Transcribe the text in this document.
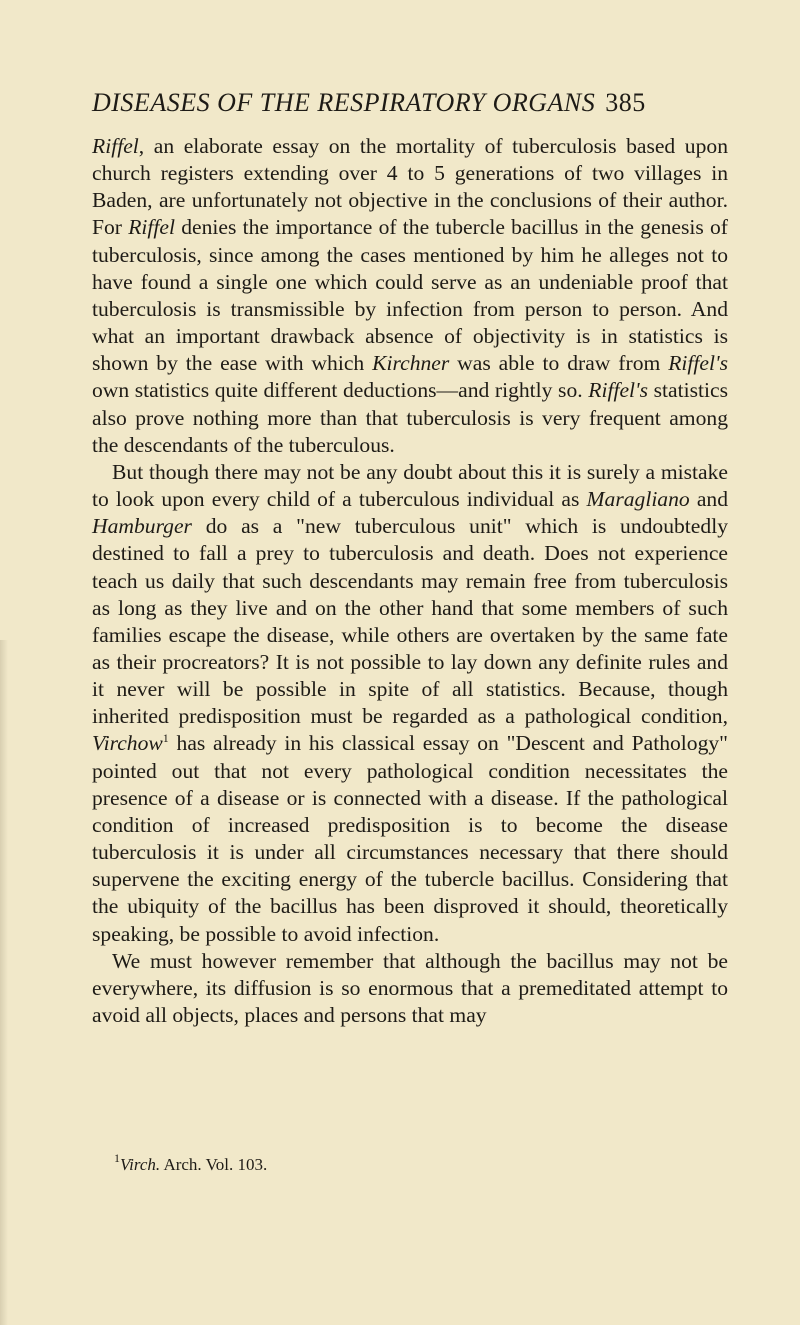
DISEASES OF THE RESPIRATORY ORGANS 385

Riffel, an elaborate essay on the mortality of tuberculosis based upon church registers extending over 4 to 5 generations of two villages in Baden, are unfortunately not objective in the conclusions of their author. For Riffel denies the importance of the tubercle bacillus in the genesis of tuberculosis, since among the cases mentioned by him he alleges not to have found a single one which could serve as an undeniable proof that tuberculosis is transmissible by infection from person to person. And what an important drawback absence of objectivity is in statistics is shown by the ease with which Kirchner was able to draw from Riffel's own statistics quite different deductions—and rightly so. Riffel's statistics also prove nothing more than that tuberculosis is very frequent among the descendants of the tuberculous.

But though there may not be any doubt about this it is surely a mistake to look upon every child of a tuberculous individual as Maragliano and Hamburger do as a "new tuberculous unit" which is undoubtedly destined to fall a prey to tuberculosis and death. Does not experience teach us daily that such descendants may remain free from tuberculosis as long as they live and on the other hand that some members of such families escape the disease, while others are overtaken by the same fate as their procreators? It is not possible to lay down any definite rules and it never will be possible in spite of all statistics. Because, though inherited predisposition must be regarded as a pathological condition, Virchow$^1$ has already in his classical essay on "Descent and Pathology" pointed out that not every pathological condition necessitates the presence of a disease or is connected with a disease. If the pathological condition of increased predisposition is to become the disease tuberculosis it is under all circumstances necessary that there should supervene the exciting energy of the tubercle bacillus. Considering that the ubiquity of the bacillus has been disproved it should, theoretically speaking, be possible to avoid infection.

We must however remember that although the bacillus may not be everywhere, its diffusion is so enormous that a premeditated attempt to avoid all objects, places and persons that may

$^1$Virch. Arch. Vol. 103.
